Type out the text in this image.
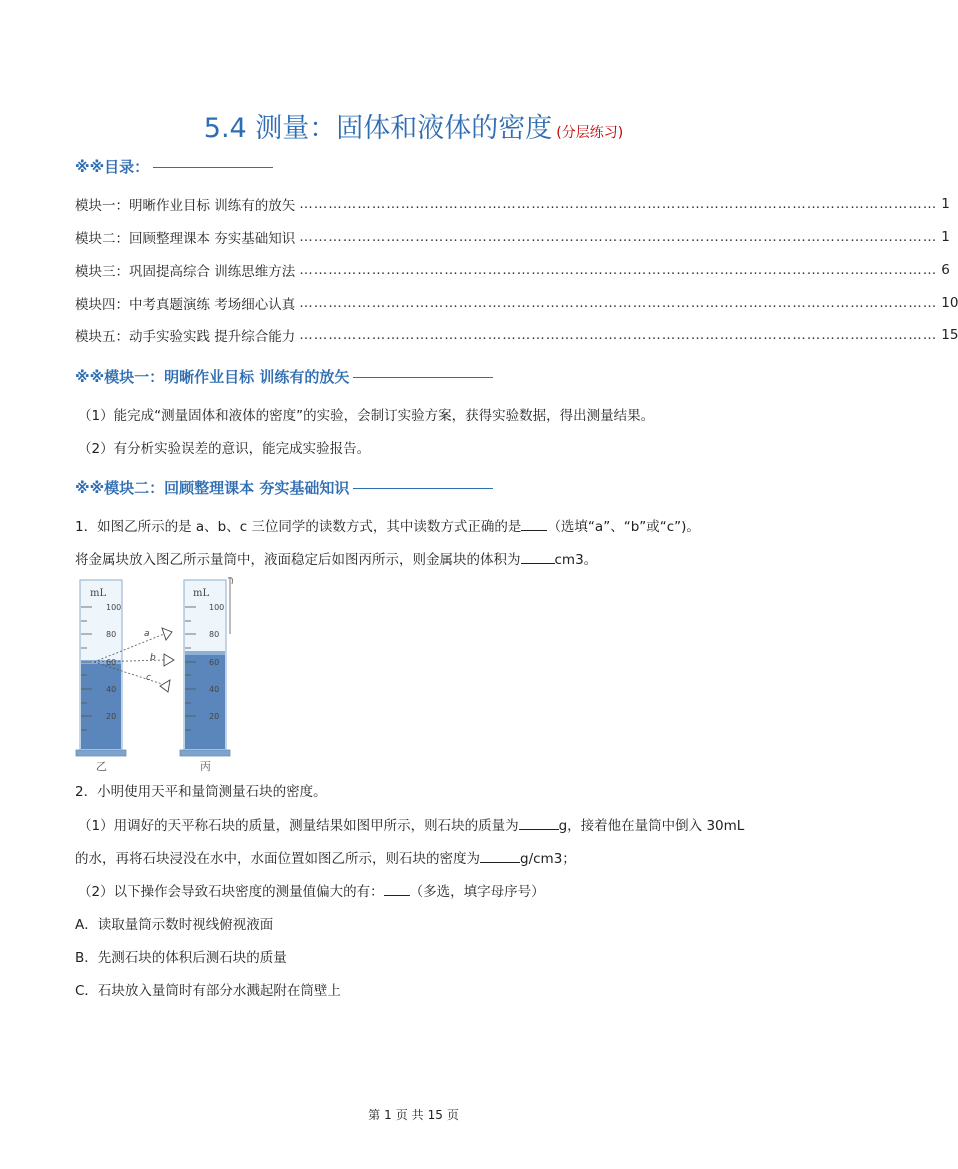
5.4 测量：固体和液体的密度 (分层练习)
※※目录：
模块一：明晰作业目标 训练有的放矢 …………………………………………………………………………………………………………………… 1
模块二：回顾整理课本 夯实基础知识 …………………………………………………………………………………………………………………… 1
模块三：巩固提高综合 训练思维方法 …………………………………………………………………………………………………………………… 6
模块四：中考真题演练 考场细心认真 …………………………………………………………………………………………………………………… 10
模块五：动手实验实践 提升综合能力 …………………………………………………………………………………………………………………… 15
※※模块一：明晰作业目标 训练有的放矢
（1）能完成“测量固体和液体的密度”的实验，会制订实验方案，获得实验数据，得出测量结果。
（2）有分析实验误差的意识，能完成实验报告。
※※模块二：回顾整理课本 夯实基础知识
1．如图乙所示的是 a、b、c 三位同学的读数方式，其中读数方式正确的是 （选填“a”、“b”或“c”)。
将金属块放入图乙所示量筒中，液面稳定后如图丙所示，则金属块的体积为	cm3。
mL
100
80
60
40
20
a
b
c
mL
100
80
60
40
20
乙	丙
2．小明使用天平和量筒测量石块的密度。
（1）用调好的天平称石块的质量，测量结果如图甲所示，则石块的质量为	g，接着他在量筒中倒入 30mL
的水，再将石块浸没在水中，水面位置如图乙所示，则石块的密度为	g/cm3；
（2）以下操作会导致石块密度的测量值偏大的有： （多选，填字母序号）
A．读取量筒示数时视线俯视液面
B．先测石块的体积后测石块的质量
C．石块放入量筒时有部分水溅起附在筒壁上
第 1 页 共 15 页
